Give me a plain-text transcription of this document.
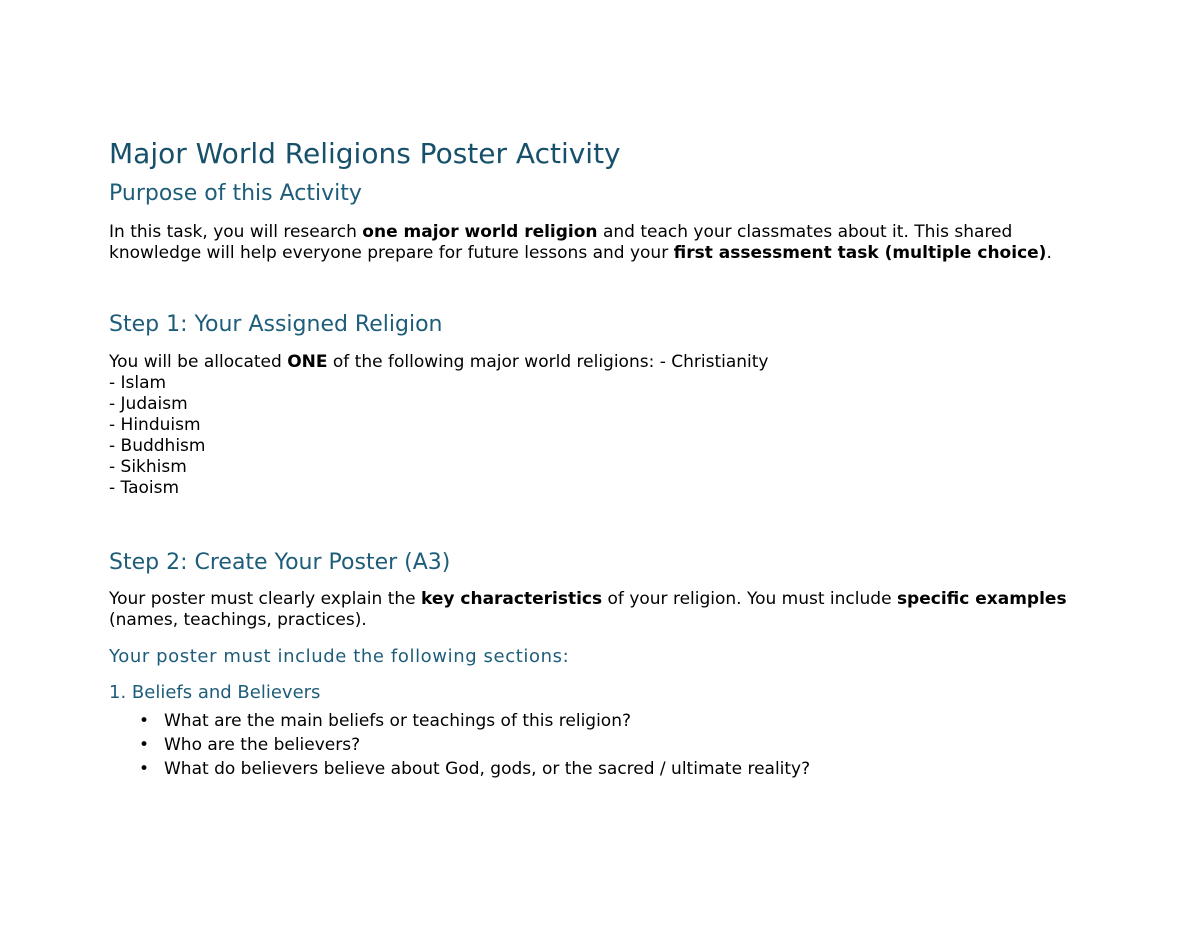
Major World Religions Poster Activity
Purpose of this Activity

In this task, you will research one major world religion and teach your classmates about it. This shared knowledge will help everyone prepare for future lessons and your first assessment task (multiple choice).

Step 1: Your Assigned Religion

You will be allocated ONE of the following major world religions: - Christianity

- Islam

- Judaism

- Hinduism

- Buddhism

- Sikhism

- Taoism

Step 2: Create Your Poster (A3)

Your poster must clearly explain the key characteristics of your religion. You must include specific examples (names, teachings, practices).

Your poster must include the following sections:
1. Beliefs and Believers
• What are the main beliefs or teachings of this religion?
• Who are the believers?
• What do believers believe about God, gods, or the sacred / ultimate reality?
